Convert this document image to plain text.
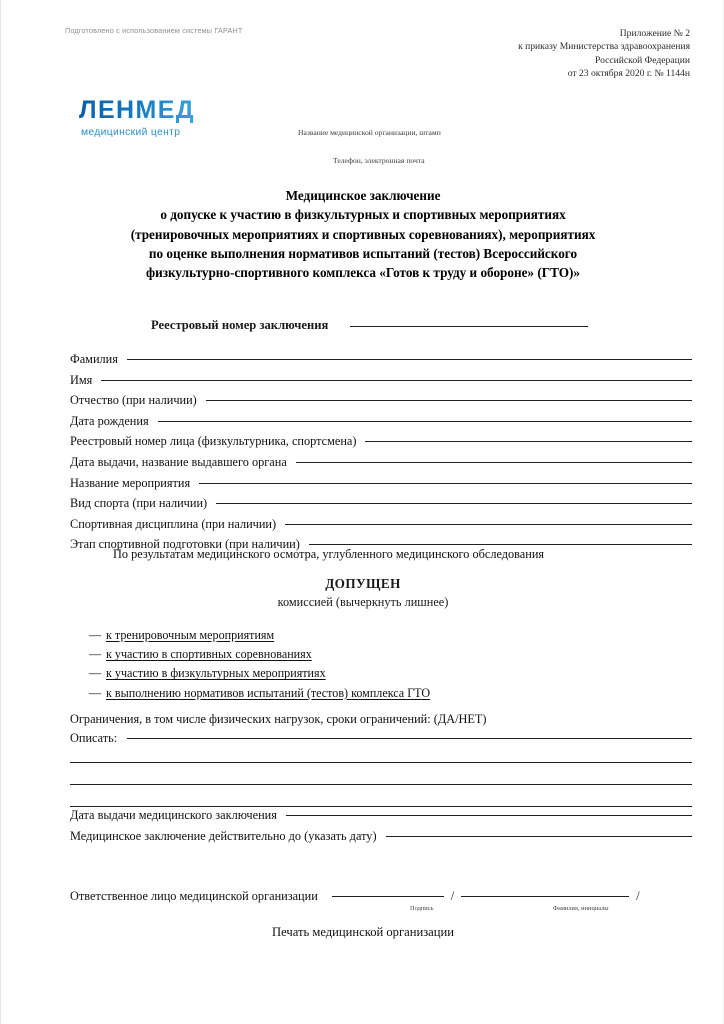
Подготовлено с использованием системы ГАРАНТ	Приложение № 2
к приказу Министерства здравоохранения
Российской Федерации
от 23 октября 2020 г. № 1144н
ЛЕНМЕД
медицинский центр	Название медицинской организации, штамп
Телефон, электронная почта
Медицинское заключение
о допуске к участию в физкультурных и спортивных мероприятиях
(тренировочных мероприятиях и спортивных соревнованиях), мероприятиях
по оценке выполнения нормативов испытаний (тестов) Всероссийского
физкультурно-спортивного комплекса «Готов к труду и обороне» (ГТО)»
Реестровый номер заключения
Фамилия
Имя
Отчество (при наличии)
Дата рождения
Реестровый номер лица (физкультурника, спортсмена)
Дата выдачи, название выдавшего органа
Название мероприятия
Вид спорта (при наличии)
Спортивная дисциплина (при наличии)
Этап спортивной подготовки (при наличии)
По результатам медицинского осмотра, углубленного медицинского обследования
ДОПУЩЕН
комиссией (вычеркнуть лишнее)
— к тренировочным мероприятиям
— к участию в спортивных соревнованиях
— к участию в физкультурных мероприятиях
— к выполнению нормативов испытаний (тестов) комплекса ГТО
Ограничения, в том числе физических нагрузок, сроки ограничений: (ДА/НЕТ)
Описать:
Дата выдачи медицинского заключения
Медицинское заключение действительно до (указать дату)
Ответственное лицо медицинской организации	/	/
Подпись	Фамилия, инициалы
Печать медицинской организации
